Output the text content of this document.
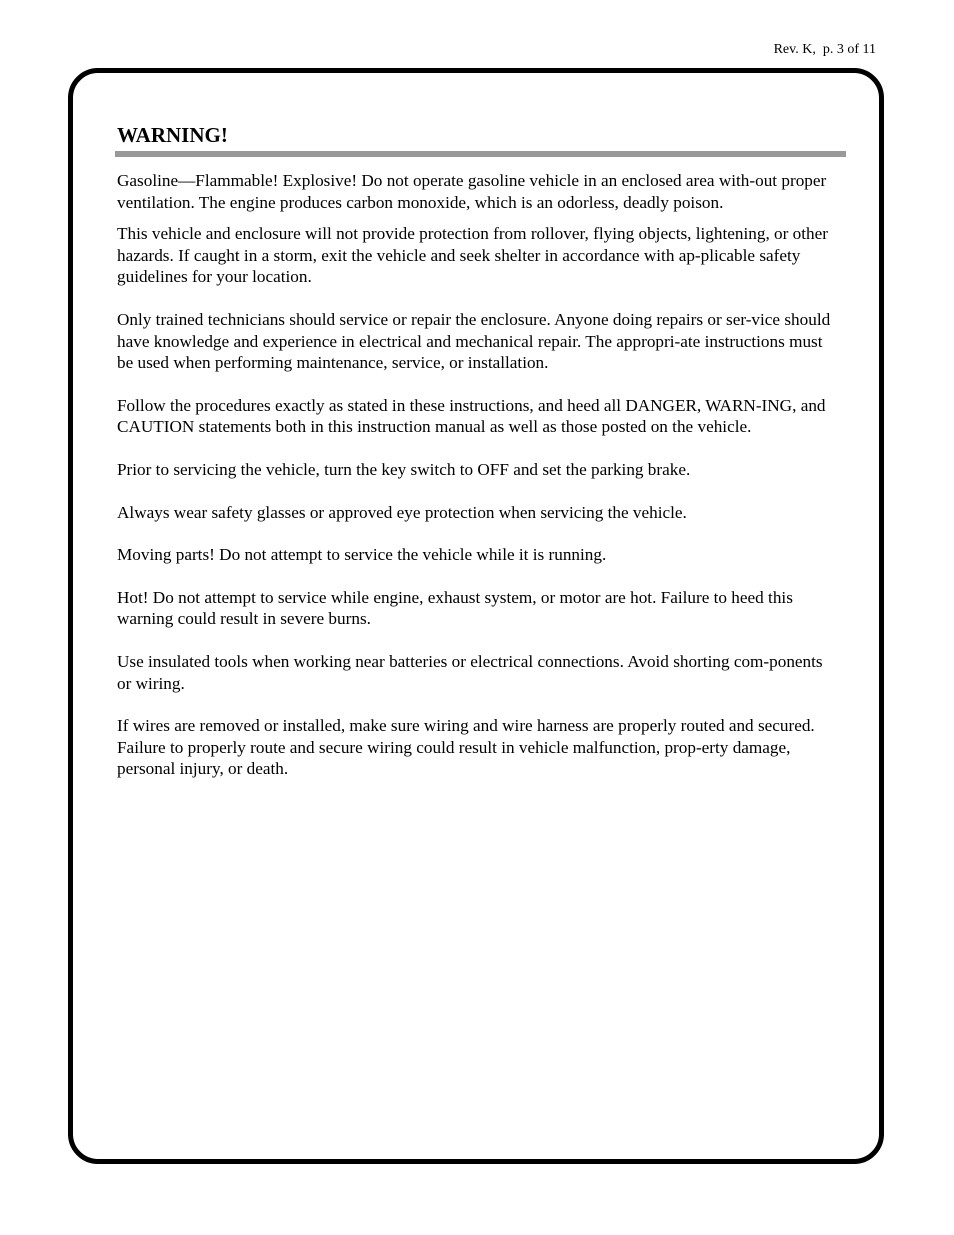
Rev. K,  p. 3 of 11
WARNING!

Gasoline—Flammable! Explosive! Do not operate gasoline vehicle in an enclosed area with-out proper ventilation. The engine produces carbon monoxide, which is an odorless, deadly poison.

This vehicle and enclosure will not provide protection from rollover, flying objects, lightening, or other hazards. If caught in a storm, exit the vehicle and seek shelter in accordance with ap-plicable safety guidelines for your location.

Only trained technicians should service or repair the enclosure. Anyone doing repairs or ser-vice should have knowledge and experience in electrical and mechanical repair. The appropri-ate instructions must be used when performing maintenance, service, or installation.

Follow the procedures exactly as stated in these instructions, and heed all DANGER, WARN-ING, and CAUTION statements both in this instruction manual as well as those posted on the vehicle.

Prior to servicing the vehicle, turn the key switch to OFF and set the parking brake.

Always wear safety glasses or approved eye protection when servicing the vehicle.

Moving parts! Do not attempt to service the vehicle while it is running.

Hot! Do not attempt to service while engine, exhaust system, or motor are hot. Failure to heed this warning could result in severe burns.

Use insulated tools when working near batteries or electrical connections. Avoid shorting com-ponents or wiring.

If wires are removed or installed, make sure wiring and wire harness are properly routed and secured. Failure to properly route and secure wiring could result in vehicle malfunction, prop-erty damage, personal injury, or death.
